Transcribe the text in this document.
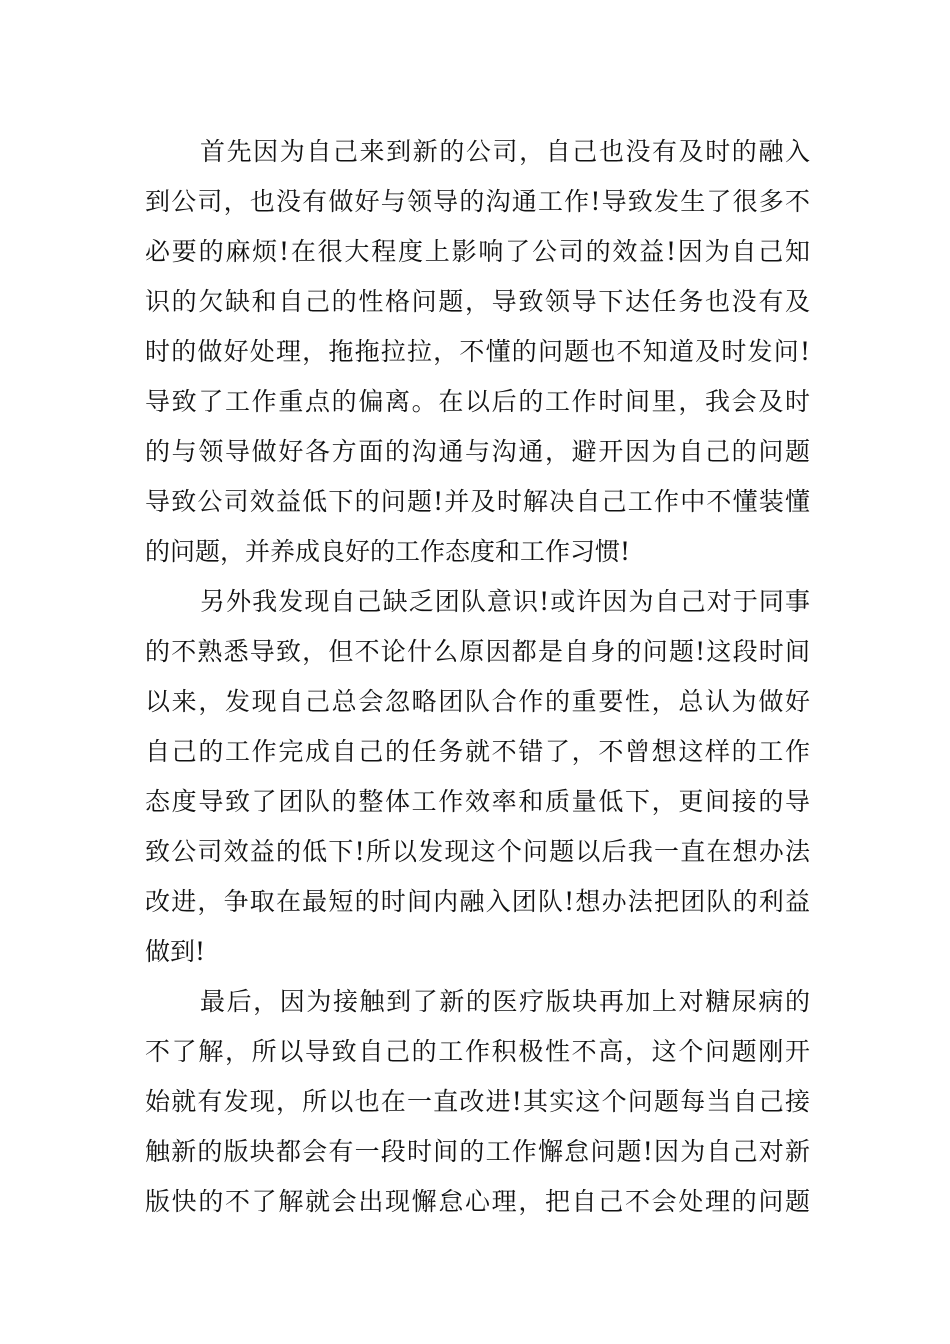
首先因为自己来到新的公司，自己也没有及时的融入
到公司，也没有做好与领导的沟通工作!导致发生了很多不
必要的麻烦!在很大程度上影响了公司的效益!因为自己知
识的欠缺和自己的性格问题，导致领导下达任务也没有及
时的做好处理，拖拖拉拉，不懂的问题也不知道及时发问!
导致了工作重点的偏离。在以后的工作时间里，我会及时
的与领导做好各方面的沟通与沟通，避开因为自己的问题
导致公司效益低下的问题!并及时解决自己工作中不懂装懂
的问题，并养成良好的工作态度和工作习惯!
另外我发现自己缺乏团队意识!或许因为自己对于同事
的不熟悉导致，但不论什么原因都是自身的问题!这段时间
以来，发现自己总会忽略团队合作的重要性，总认为做好
自己的工作完成自己的任务就不错了，不曾想这样的工作
态度导致了团队的整体工作效率和质量低下，更间接的导
致公司效益的低下!所以发现这个问题以后我一直在想办法
改进，争取在最短的时间内融入团队!想办法把团队的利益
做到!
最后，因为接触到了新的医疗版块再加上对糖尿病的
不了解，所以导致自己的工作积极性不高，这个问题刚开
始就有发现，所以也在一直改进!其实这个问题每当自己接
触新的版块都会有一段时间的工作懈怠问题!因为自己对新
版快的不了解就会出现懈怠心理，把自己不会处理的问题
